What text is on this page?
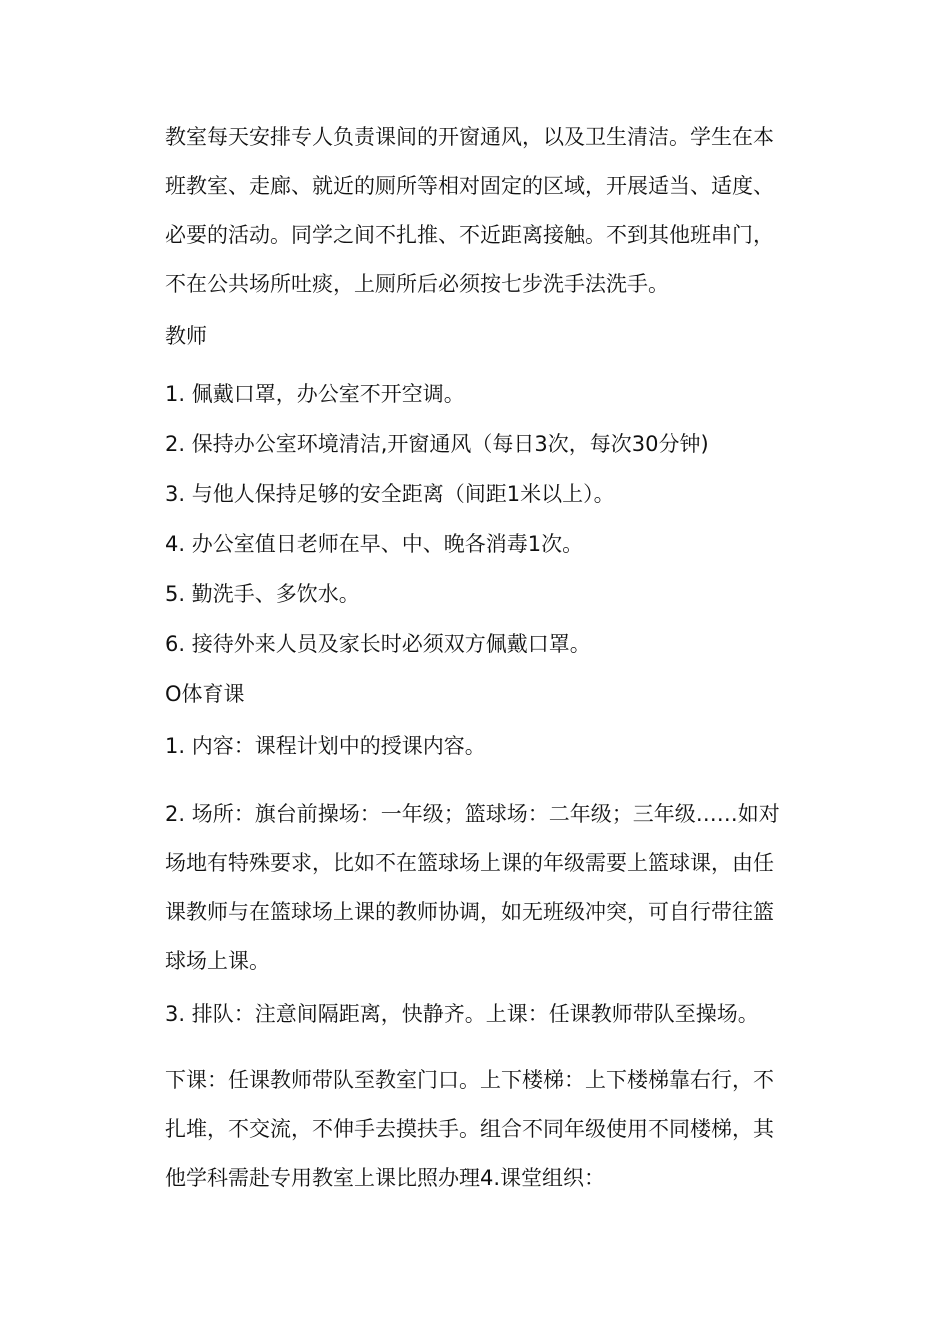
教室每天安排专人负责课间的开窗通风，以及卫生清洁。学生在本
班教室、走廊、就近的厕所等相对固定的区域，开展适当、适度、
必要的活动。同学之间不扎推、不近距离接触。不到其他班串门，
不在公共场所吐痰，上厕所后必须按七步洗手法洗手。

教师

1. 佩戴口罩，办公室不开空调。

2. 保持办公室环境清洁,开窗通风（每日3次，每次30分钟)

3. 与他人保持足够的安全距离（间距1米以上）。

4. 办公室值日老师在早、中、晚各消毒1次。

5. 勤洗手、多饮水。

6. 接待外来人员及家长时必须双方佩戴口罩。

O体育课

1. 内容：课程计划中的授课内容。

2. 场所：旗台前操场：一年级；篮球场：二年级；三年级……如对
场地有特殊要求，比如不在篮球场上课的年级需要上篮球课，由任
课教师与在篮球场上课的教师协调，如无班级冲突，可自行带往篮
球场上课。

3. 排队：注意间隔距离，快静齐。上课：任课教师带队至操场。

下课：任课教师带队至教室门口。上下楼梯：上下楼梯靠右行，不
扎堆，不交流，不伸手去摸扶手。组合不同年级使用不同楼梯，其
他学科需赴专用教室上课比照办理4.课堂组织：
